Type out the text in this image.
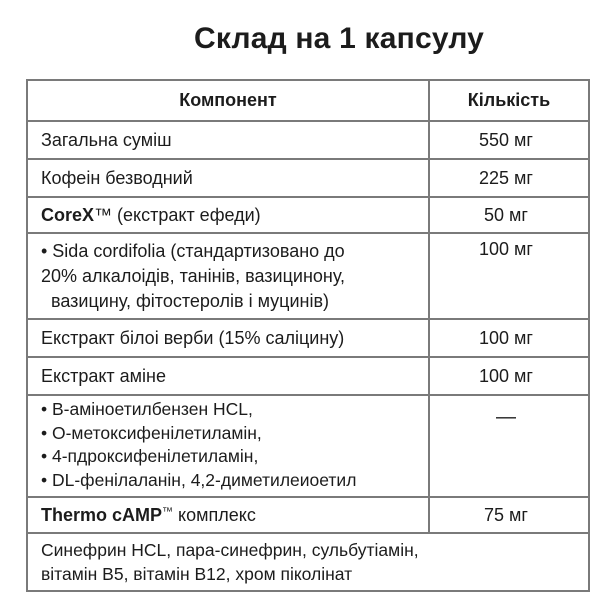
Склад на 1 капсулу
Компонент	Кількість
Загальна суміш	550 мг
Кофеін безводний	225 мг
CoreX™ (екстракт ефеди)	50 мг

• Sida cordifolia (стандартизовано до
20% алкалоідів, танінів, вазицинону,
вазицину, фітостеролів і муцинів)	100 мг
Екстракт білоі верби (15% саліцину)	100 мг
Екстракт аміне	100 мг

• B-аміноетилбензен HCL,
• O-метоксифенілетиламін,
• 4-пдроксифенілетиламін,
• DL-фенілаланін, 4,2-диметилеиоетил	—
Thermo cAMP™ комплекс	75 мг

Синефрин HCL, пара-синефрин, сульбутіамін,
вітамін B5, вітамін B12, хром піколінат	
